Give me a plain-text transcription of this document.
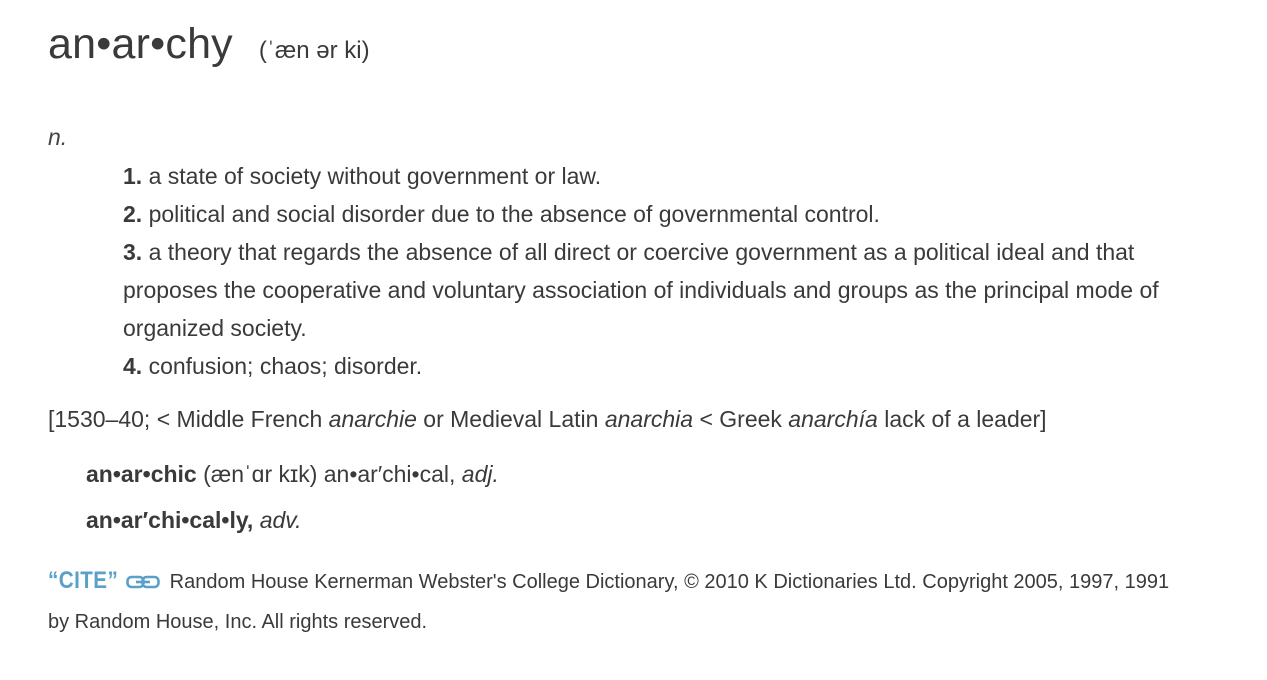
an•ar•chy (ˈæn ər ki)
n.
1. a state of society without government or law.
2. political and social disorder due to the absence of governmental control.
3. a theory that regards the absence of all direct or coercive government as a political ideal and that proposes the cooperative and voluntary association of individuals and groups as the principal mode of organized society.
4. confusion; chaos; disorder.
[1530–40; < Middle French anarchie or Medieval Latin anarchia < Greek anarchía lack of a leader]
an•ar•chic (ænˈɑr kɪk) an•ar′chi•cal, adj.
an•ar′chi•cal•ly, adv.
“CITE”	Random House Kernerman Webster's College Dictionary, © 2010 K Dictionaries Ltd. Copyright 2005, 1997, 1991 by Random House, Inc. All rights reserved.
